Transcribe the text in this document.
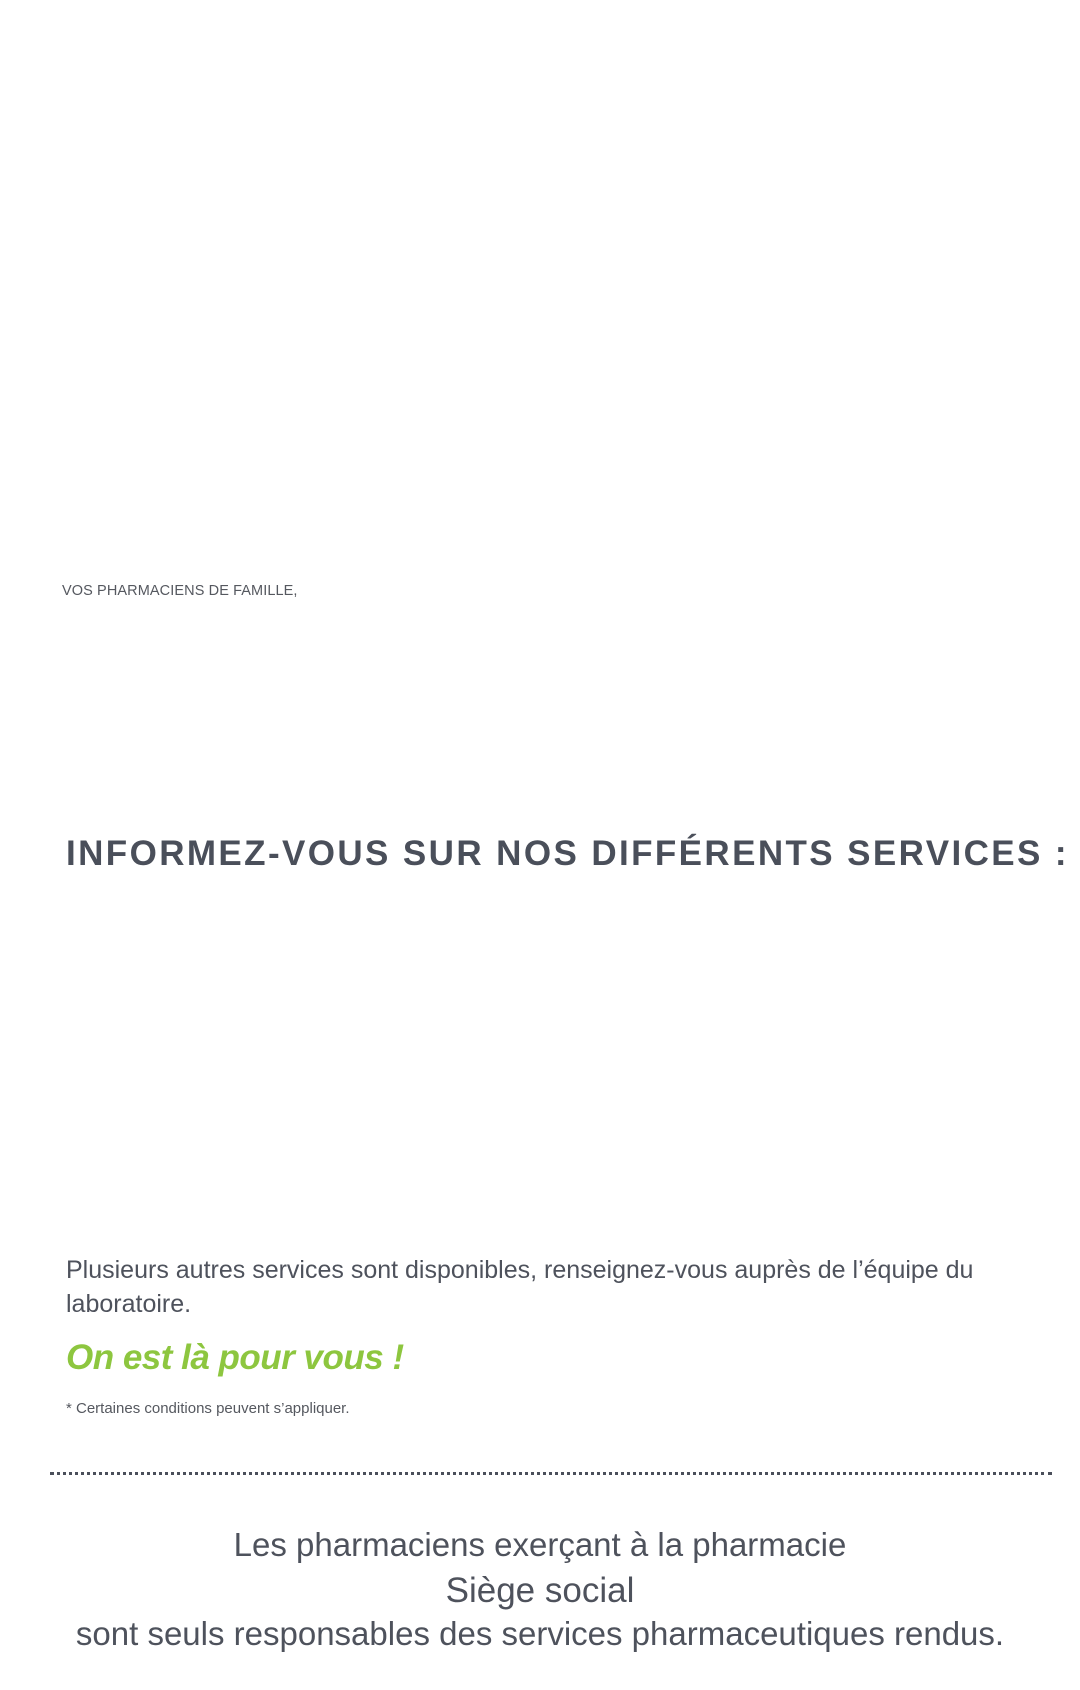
VOS PHARMACIENS DE FAMILLE,
INFORMEZ-VOUS SUR NOS DIFFÉRENTS SERVICES :
Plusieurs autres services sont disponibles, renseignez-vous auprès de l’équipe du laboratoire.
On est là pour vous !
* Certaines conditions peuvent s’appliquer.
Les pharmaciens exerçant à la pharmacie
Siège social
sont seuls responsables des services pharmaceutiques rendus.
